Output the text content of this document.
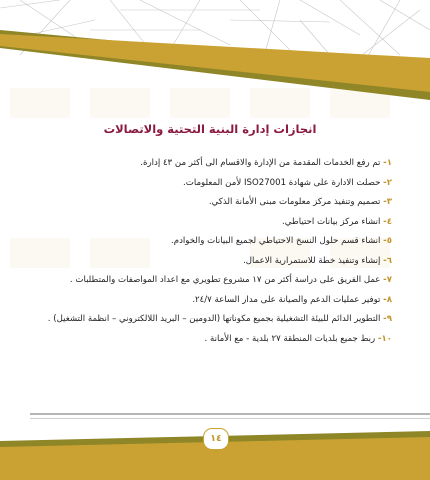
انجازات إدارة البنية التحتية والاتصالات

١- تم رفع الخدمات المقدمة من الإدارة والاقسام الى أكثر من ٤٣ إدارة.

٢- حصلت الادارة على شهادة ISO27001 لأمن المعلومات.

٣- تصميم وتنفيذ مركز معلومات مبنى الأمانة الذكي.

٤- انشاء مركز بيانات احتياطي.

٥- انشاء قسم حلول النسخ الاحتياطي لجميع البيانات والخوادم.

٦- إنشاء وتنفيذ خطة للاستمرارية الاعمال.

٧- عمل الفريق على دراسة أكثر من ١٧ مشروع تطويري مع اعداد المواصفات والمتطلبات .

٨- توفير عمليات الدعم والصيانة على مدار الساعة ٢٤/٧.

٩- التطوير الدائم للبيئة التشغيلية بجميع مكوناتها (الدومين – البريد اللالكتروني – انظمة التشغيل) .

١٠- ربط جميع بلديات المنطقة ٢٧ بلدية - مع الأمانة .

١٤
